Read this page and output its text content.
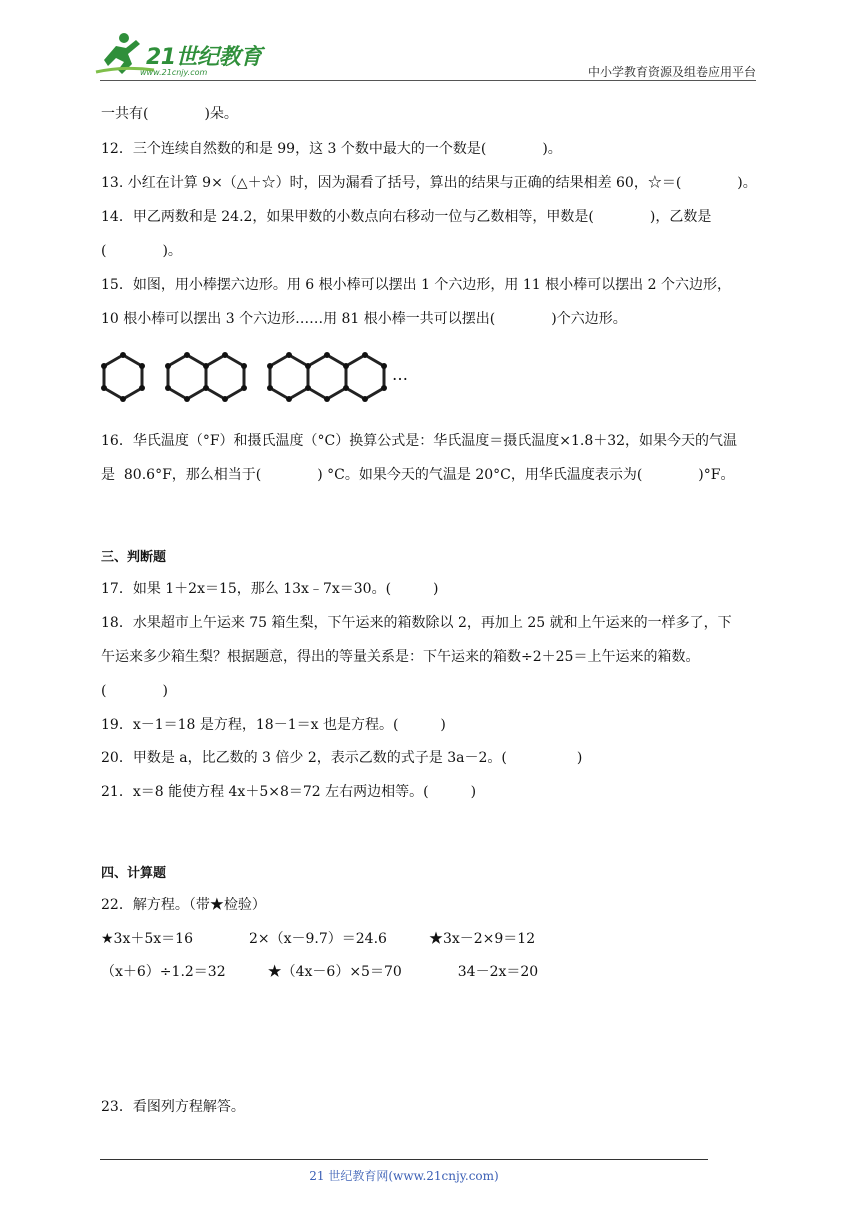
21世纪教育
www.21cnjy.com	中小学教育资源及组卷应用平台
一共有(　　　　)朵。
12．三个连续自然数的和是 99，这 3 个数中最大的一个数是(　　　　)。
13. 小红在计算 9×（△＋☆）时，因为漏看了括号，算出的结果与正确的结果相差 60，☆＝(　　　　)。
14．甲乙两数和是 24.2，如果甲数的小数点向右移动一位与乙数相等，甲数是(　　　　)，乙数是
(　　　　)。
15．如图，用小棒摆六边形。用 6 根小棒可以摆出 1 个六边形，用 11 根小棒可以摆出 2 个六边形，
10 根小棒可以摆出 3 个六边形……用 81 根小棒一共可以摆出(　　　　)个六边形。
…
16．华氏温度（°F）和摄氏温度（°C）换算公式是：华氏温度＝摄氏温度×1.8＋32，如果今天的气温
是  80.6°F，那么相当于(　　　　) °C。如果今天的气温是 20°C，用华氏温度表示为(　　　　)°F。
三、判断题
17．如果 1＋2x＝15，那么 13x﹣7x＝30。(　　　)
18．水果超市上午运来 75 箱生梨，下午运来的箱数除以 2，再加上 25 就和上午运来的一样多了，下
午运来多少箱生梨？根据题意，得出的等量关系是：下午运来的箱数÷2＋25＝上午运来的箱数。
(　　　　)
19．x－1＝18 是方程，18－1＝x 也是方程。(　　　)
20．甲数是 a，比乙数的 3 倍少 2，表示乙数的式子是 3a－2。(　　　　　)
21．x＝8 能使方程 4x＋5×8＝72 左右两边相等。(　　　)
四、计算题
22．解方程。（带★检验）
★3x＋5x＝16　　　　2×（x－9.7）＝24.6　　　★3x－2×9＝12
（x＋6）÷1.2＝32　　　★（4x－6）×5＝70　　　　34－2x＝20
23．看图列方程解答。
21 世纪教育网(www.21cnjy.com)
